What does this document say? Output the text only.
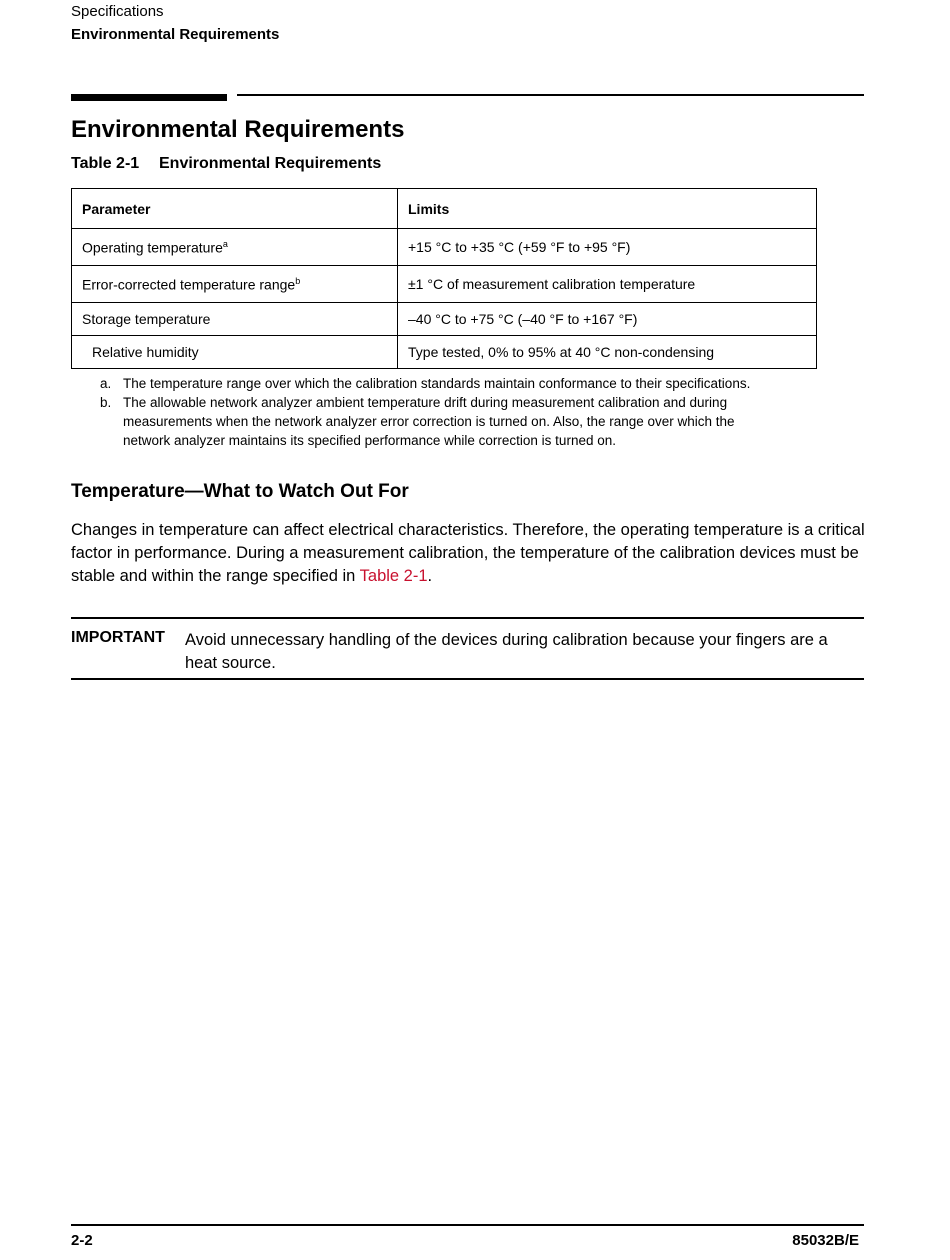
Specifications
Environmental Requirements
Environmental Requirements
Table 2-1 Environmental Requirements
Parameter	Limits
Operating temperature$^a$	+15 °C to +35 °C (+59 °F to +95 °F)
Error-corrected temperature range$^b$	±1 °C of measurement calibration temperature
Storage temperature	–40 °C to +75 °C (–40 °F to +167 °F)
Relative humidity	Type tested, 0% to 95% at 40 °C non-condensing
a. The temperature range over which the calibration standards maintain conformance to their specifications.
b. The allowable network analyzer ambient temperature drift during measurement calibration and during measurements when the network analyzer error correction is turned on. Also, the range over which the network analyzer maintains its specified performance while correction is turned on.
Temperature—What to Watch Out For

Changes in temperature can affect electrical characteristics. Therefore, the operating temperature is a critical factor in performance. During a measurement calibration, the temperature of the calibration devices must be stable and within the range specified in Table 2-1.

IMPORTANT Avoid unnecessary handling of the devices during calibration because your fingers are a heat source.
2-2	85032B/E
